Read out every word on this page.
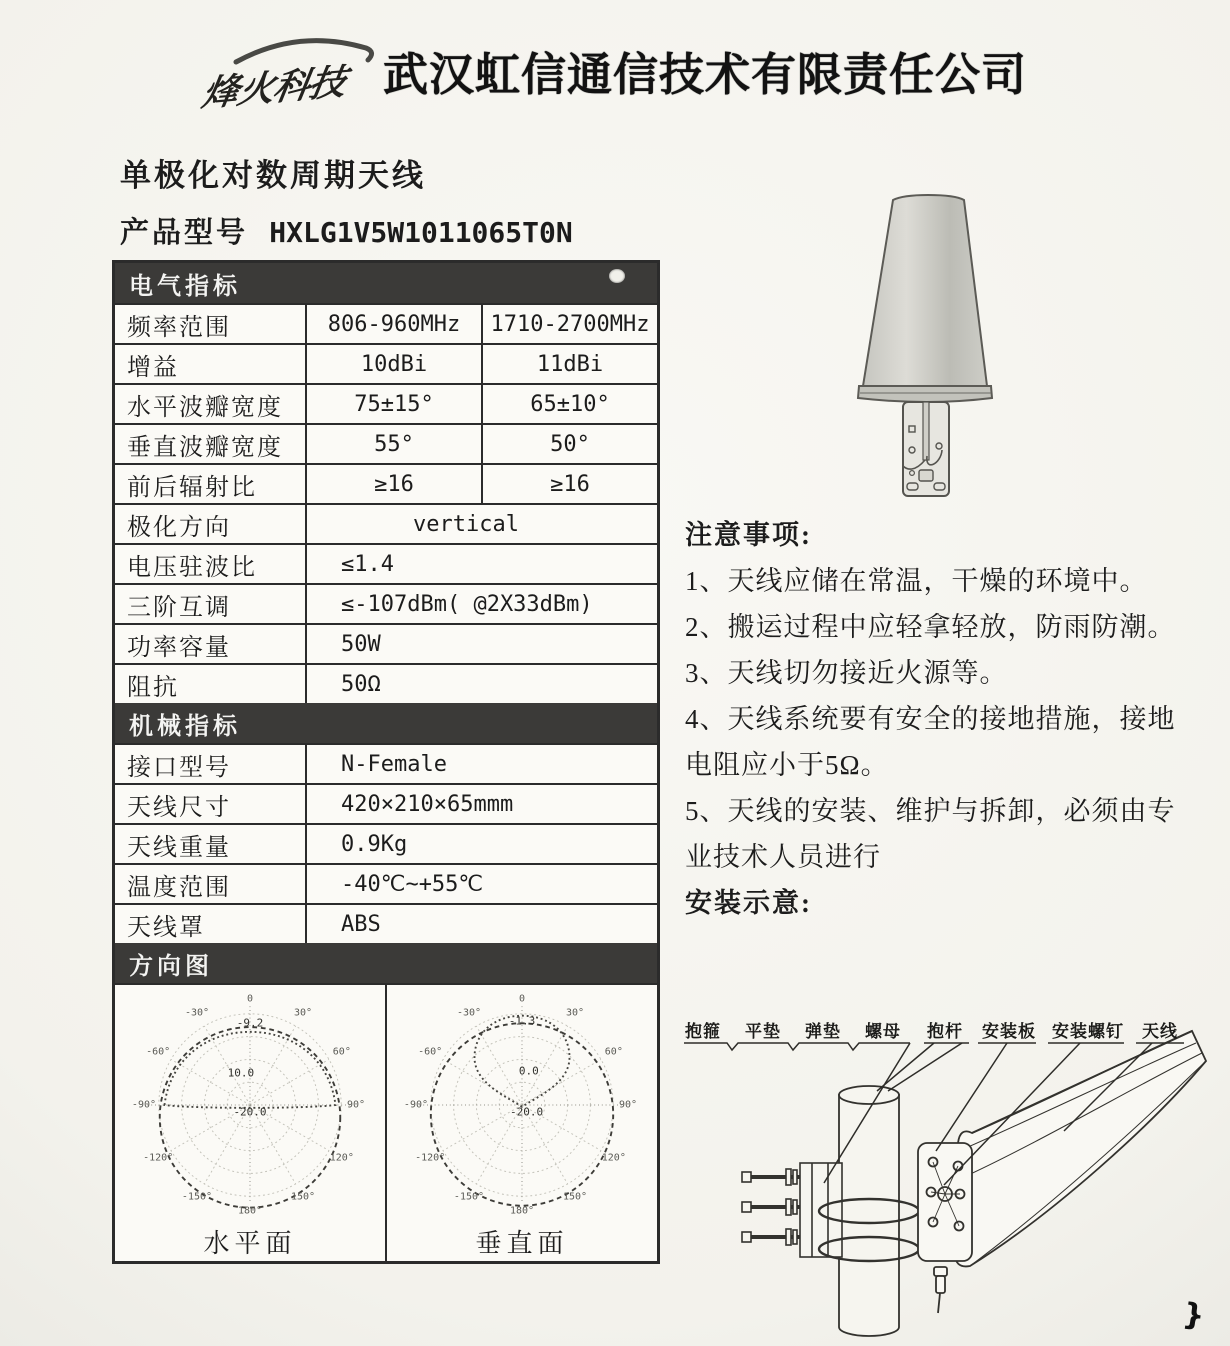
烽火科技 武汉虹信通信技术有限责任公司
单极化对数周期天线
产品型号 HXLG1V5W1011065T0N
电气指标
频率范围	806-960MHz	1710-2700MHz
增益	10dBi	11dBi
水平波瓣宽度	75±15°	65±10°
垂直波瓣宽度	55°	50°
前后辐射比	≥16	≥16
极化方向	vertical
电压驻波比	≤1.4
三阶互调	≤-107dBm( @2X33dBm)
功率容量	50W
阻抗	50Ω
机械指标
接口型号	N-Female
天线尺寸	420×210×65mmm
天线重量	0.9Kg
温度范围	-40℃~+55℃
天线罩	ABS
方向图
0
30°
60°
90°
120°
150°
180°
-150°
-120°
-90°
-60°
-30°
-9.2
10.0
-20.0
水平面
0
30°
60°
90°
120°
150°
180°
-150°
-120°
-90°
-60°
-30°
-1.3
0.0
-20.0
垂直面

注意事项:

1、天线应储在常温，干燥的环境中。

2、搬运过程中应轻拿轻放，防雨防潮。

3、天线切勿接近火源等。

4、天线系统要有安全的接地措施，接地电阻应小于5Ω。

5、天线的安装、维护与拆卸，必须由专业技术人员进行

安装示意:

抱箍 平垫 弹垫 螺母 抱杆 安装板 安装螺钉 天线
}
